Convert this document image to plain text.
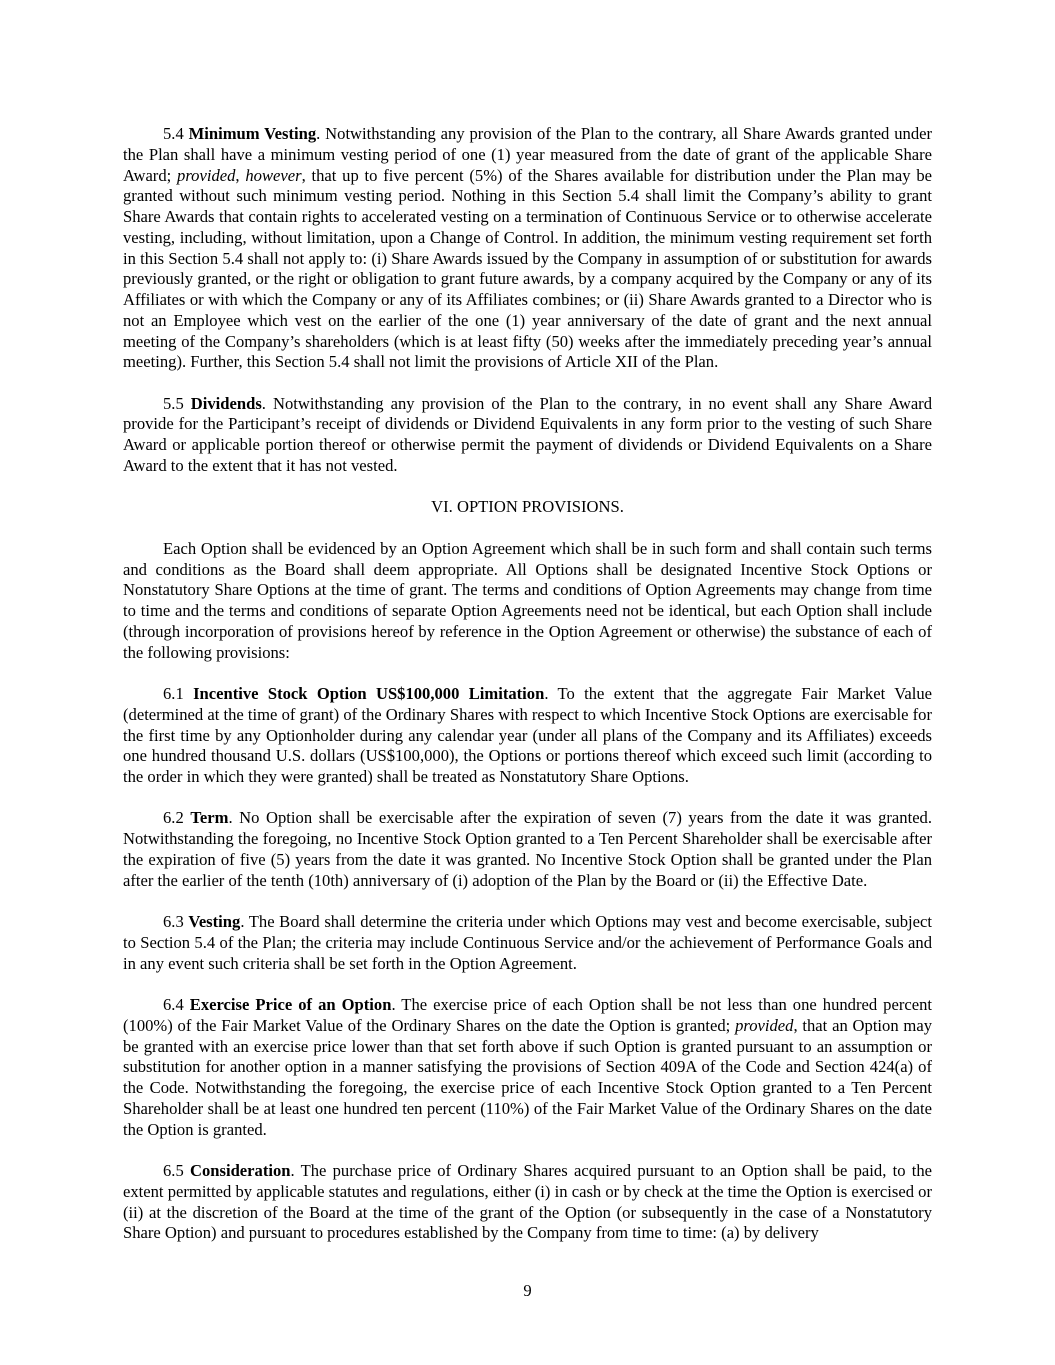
5.4 Minimum Vesting. Notwithstanding any provision of the Plan to the contrary, all Share Awards granted under the Plan shall have a minimum vesting period of one (1) year measured from the date of grant of the applicable Share Award; provided, however, that up to five percent (5%) of the Shares available for distribution under the Plan may be granted without such minimum vesting period. Nothing in this Section 5.4 shall limit the Company’s ability to grant Share Awards that contain rights to accelerated vesting on a termination of Continuous Service or to otherwise accelerate vesting, including, without limitation, upon a Change of Control. In addition, the minimum vesting requirement set forth in this Section 5.4 shall not apply to: (i) Share Awards issued by the Company in assumption of or substitution for awards previously granted, or the right or obligation to grant future awards, by a company acquired by the Company or any of its Affiliates or with which the Company or any of its Affiliates combines; or (ii) Share Awards granted to a Director who is not an Employee which vest on the earlier of the one (1) year anniversary of the date of grant and the next annual meeting of the Company’s shareholders (which is at least fifty (50) weeks after the immediately preceding year’s annual meeting). Further, this Section 5.4 shall not limit the provisions of Article XII of the Plan.

5.5 Dividends. Notwithstanding any provision of the Plan to the contrary, in no event shall any Share Award provide for the Participant’s receipt of dividends or Dividend Equivalents in any form prior to the vesting of such Share Award or applicable portion thereof or otherwise permit the payment of dividends or Dividend Equivalents on a Share Award to the extent that it has not vested.

VI. OPTION PROVISIONS.

Each Option shall be evidenced by an Option Agreement which shall be in such form and shall contain such terms and conditions as the Board shall deem appropriate. All Options shall be designated Incentive Stock Options or Nonstatutory Share Options at the time of grant. The terms and conditions of Option Agreements may change from time to time and the terms and conditions of separate Option Agreements need not be identical, but each Option shall include (through incorporation of provisions hereof by reference in the Option Agreement or otherwise) the substance of each of the following provisions:

6.1 Incentive Stock Option US$100,000 Limitation. To the extent that the aggregate Fair Market Value (determined at the time of grant) of the Ordinary Shares with respect to which Incentive Stock Options are exercisable for the first time by any Optionholder during any calendar year (under all plans of the Company and its Affiliates) exceeds one hundred thousand U.S. dollars (US$100,000), the Options or portions thereof which exceed such limit (according to the order in which they were granted) shall be treated as Nonstatutory Share Options.

6.2 Term. No Option shall be exercisable after the expiration of seven (7) years from the date it was granted. Notwithstanding the foregoing, no Incentive Stock Option granted to a Ten Percent Shareholder shall be exercisable after the expiration of five (5) years from the date it was granted. No Incentive Stock Option shall be granted under the Plan after the earlier of the tenth (10th) anniversary of (i) adoption of the Plan by the Board or (ii) the Effective Date.

6.3 Vesting. The Board shall determine the criteria under which Options may vest and become exercisable, subject to Section 5.4 of the Plan; the criteria may include Continuous Service and/or the achievement of Performance Goals and in any event such criteria shall be set forth in the Option Agreement.

6.4 Exercise Price of an Option. The exercise price of each Option shall be not less than one hundred percent (100%) of the Fair Market Value of the Ordinary Shares on the date the Option is granted; provided, that an Option may be granted with an exercise price lower than that set forth above if such Option is granted pursuant to an assumption or substitution for another option in a manner satisfying the provisions of Section 409A of the Code and Section 424(a) of the Code. Notwithstanding the foregoing, the exercise price of each Incentive Stock Option granted to a Ten Percent Shareholder shall be at least one hundred ten percent (110%) of the Fair Market Value of the Ordinary Shares on the date the Option is granted.

6.5 Consideration. The purchase price of Ordinary Shares acquired pursuant to an Option shall be paid, to the extent permitted by applicable statutes and regulations, either (i) in cash or by check at the time the Option is exercised or (ii) at the discretion of the Board at the time of the grant of the Option (or subsequently in the case of a Nonstatutory Share Option) and pursuant to procedures established by the Company from time to time: (a) by delivery

9
